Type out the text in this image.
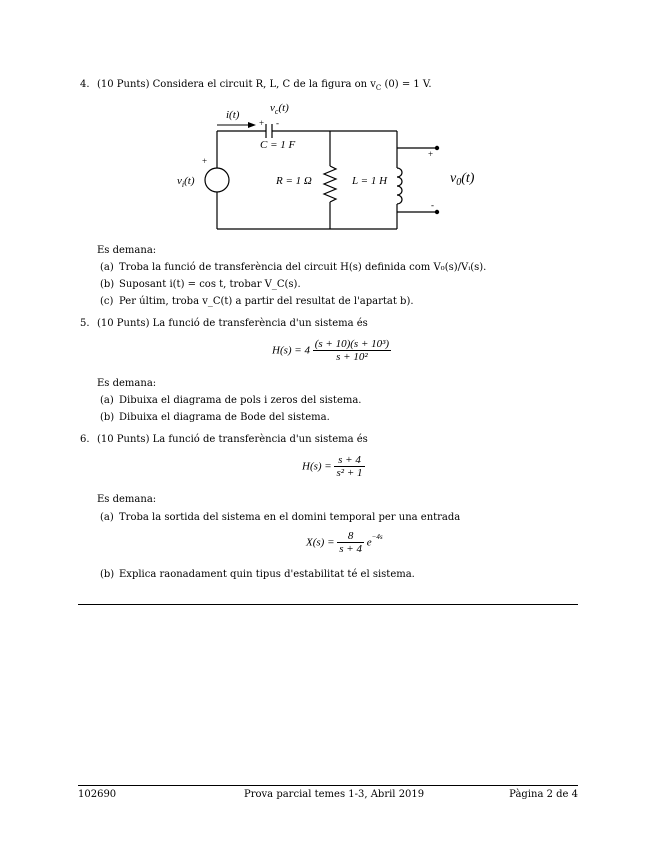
4. (10 Punts) Considera el circuit R, L, C de la figura on $v_C$ (0) = 1 V.
i(t)
$v_c(t)$
+ -
C = 1 F
+
$v_i(t)$	R = 1 Ω	L = 1 H
+
-
$v_0(t)$
Es demana:
(a) Troba la funció de transferència del circuit H(s) definida com V₀(s)/Vᵢ(s).
(b) Suposant i(t) = cos t, trobar V_C(s).
(c) Per últim, troba v_C(t) a partir del resultat de l'apartat b).
5. (10 Punts) La funció de transferència d'un sistema és
$H(s) = 4 \frac{\text{(s + 10)(s + 10³)}}{\text{s + 10²}}$
Es demana:
(a) Dibuixa el diagrama de pols i zeros del sistema.
(b) Dibuixa el diagrama de Bode del sistema.
6. (10 Punts) La funció de transferència d'un sistema és
$H(s) = \frac{s + 4}{\text{s² + 1}}$
Es demana:
(a) Troba la sortida del sistema en el domini temporal per una entrada
$X(s) = \frac{8}{s + 4} e^{-4s}$
(b) Explica raonadament quin tipus d'estabilitat té el sistema.
102690	Prova parcial temes 1-3, Abril 2019	Pàgina 2 de 4
